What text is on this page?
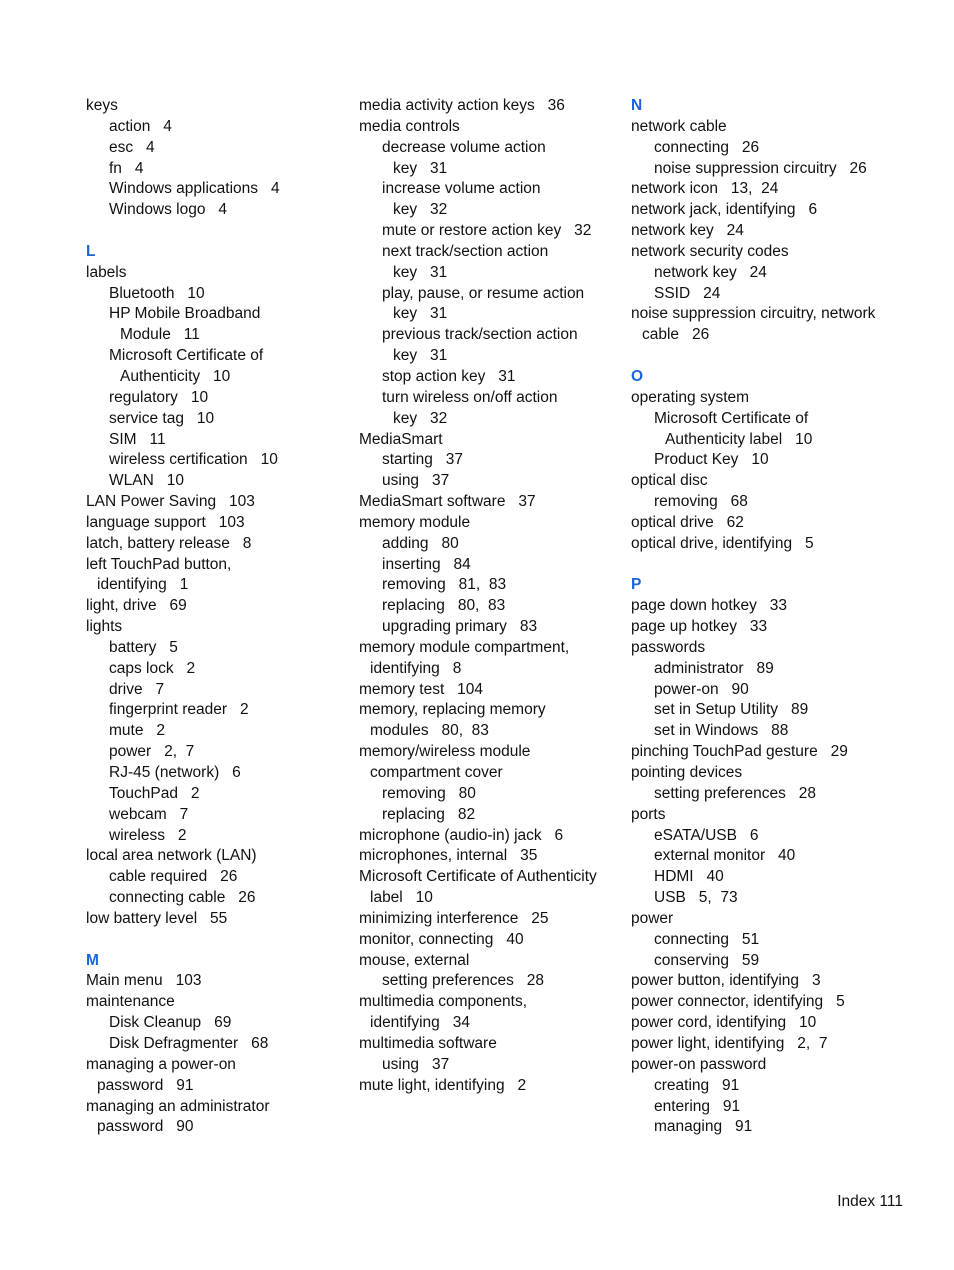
keys
action   4
esc   4
fn   4
Windows applications   4
Windows logo   4
L
labels
Bluetooth   10
HP Mobile Broadband
Module   11
Microsoft Certificate of
Authenticity   10
regulatory   10
service tag   10
SIM   11
wireless certification   10
WLAN   10
LAN Power Saving   103
language support   103
latch, battery release   8
left TouchPad button,
identifying   1
light, drive   69
lights
battery   5
caps lock   2
drive   7
fingerprint reader   2
mute   2
power   2,  7
RJ-45 (network)   6
TouchPad   2
webcam   7
wireless   2
local area network (LAN)
cable required   26
connecting cable   26
low battery level   55
M
Main menu   103
maintenance
Disk Cleanup   69
Disk Defragmenter   68
managing a power-on
password   91
managing an administrator
password   90
media activity action keys   36
media controls
decrease volume action
key   31
increase volume action
key   32
mute or restore action key   32
next track/section action
key   31
play, pause, or resume action
key   31
previous track/section action
key   31
stop action key   31
turn wireless on/off action
key   32
MediaSmart
starting   37
using   37
MediaSmart software   37
memory module
adding   80
inserting   84
removing   81,  83
replacing   80,  83
upgrading primary   83
memory module compartment,
identifying   8
memory test   104
memory, replacing memory
modules   80,  83
memory/wireless module
compartment cover
removing   80
replacing   82
microphone (audio-in) jack   6
microphones, internal   35
Microsoft Certificate of Authenticity
label   10
minimizing interference   25
monitor, connecting   40
mouse, external
setting preferences   28
multimedia components,
identifying   34
multimedia software
using   37
mute light, identifying   2
N
network cable
connecting   26
noise suppression circuitry   26
network icon   13,  24
network jack, identifying   6
network key   24
network security codes
network key   24
SSID   24
noise suppression circuitry, network
cable   26
O
operating system
Microsoft Certificate of
Authenticity label   10
Product Key   10
optical disc
removing   68
optical drive   62
optical drive, identifying   5
P
page down hotkey   33
page up hotkey   33
passwords
administrator   89
power-on   90
set in Setup Utility   89
set in Windows   88
pinching TouchPad gesture   29
pointing devices
setting preferences   28
ports
eSATA/USB   6
external monitor   40
HDMI   40
USB   5,  73
power
connecting   51
conserving   59
power button, identifying   3
power connector, identifying   5
power cord, identifying   10
power light, identifying   2,  7
power-on password
creating   91
entering   91
managing   91
Index 111
